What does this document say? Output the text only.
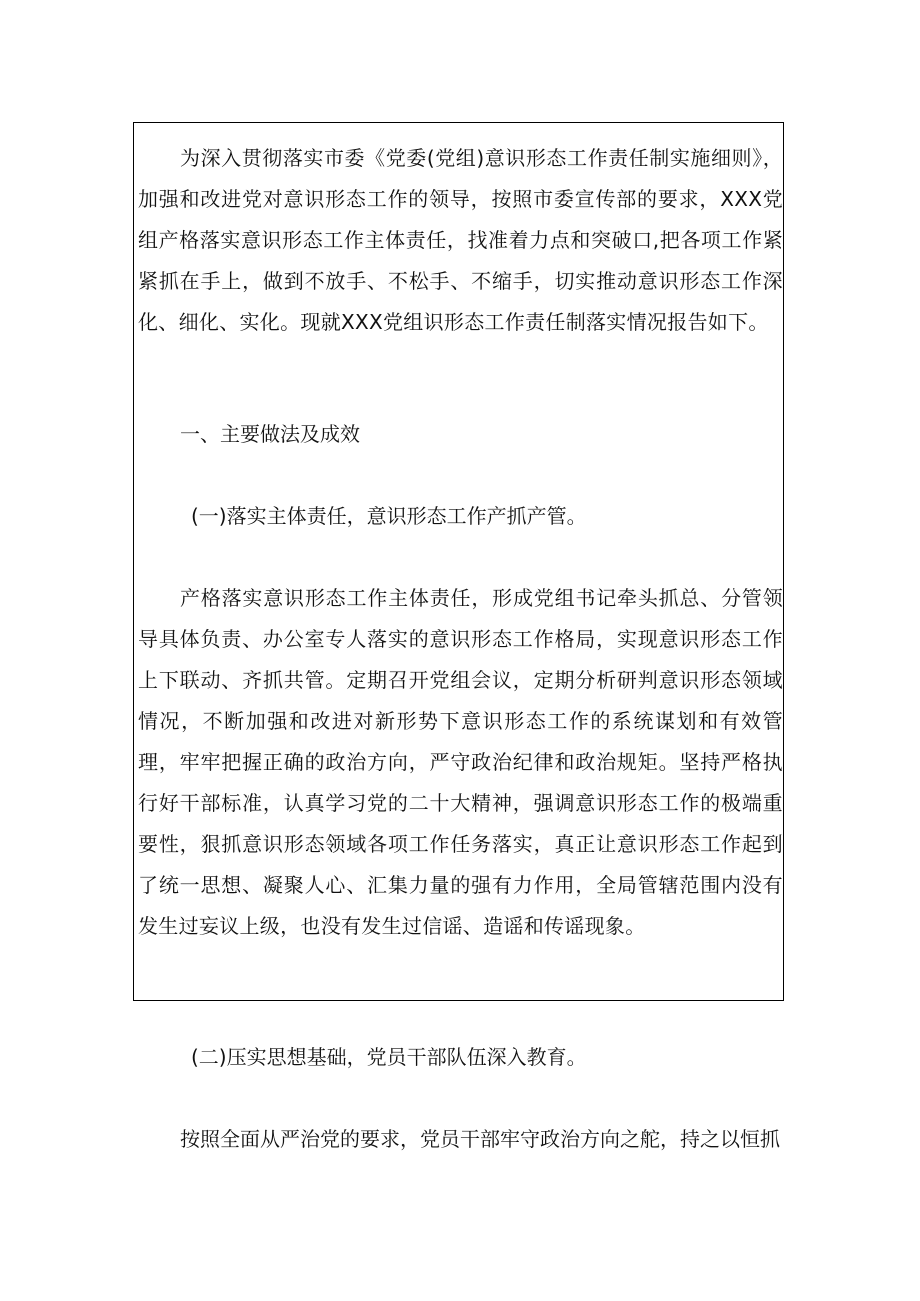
为深入贯彻落实市委《党委(党组)意识形态工作责任制实施细则》，加强和改进党对意识形态工作的领导，按照市委宣传部的要求，XXX党组产格落实意识形态工作主体责任，找准着力点和突破口,把各项工作紧紧抓在手上，做到不放手、不松手、不缩手，切实推动意识形态工作深化、细化、实化。现就XXX党组识形态工作责任制落实情况报告如下。

一、主要做法及成效

(一)落实主体责任，意识形态工作产抓产管。

产格落实意识形态工作主体责任，形成党组书记牵头抓总、分管领导具体负责、办公室专人落实的意识形态工作格局，实现意识形态工作上下联动、齐抓共管。定期召开党组会议，定期分析研判意识形态领域情况，不断加强和改进对新形势下意识形态工作的系统谋划和有效管理，牢牢把握正确的政治方向，严守政治纪律和政治规矩。坚持严格执行好干部标准，认真学习党的二十大精神，强调意识形态工作的极端重要性，狠抓意识形态领域各项工作任务落实，真正让意识形态工作起到了统一思想、凝聚人心、汇集力量的强有力作用，全局管辖范围内没有发生过妄议上级，也没有发生过信谣、造谣和传谣现象。

(二)压实思想基础，党员干部队伍深入教育。

按照全面从严治党的要求，党员干部牢守政治方向之舵，持之以恒抓
